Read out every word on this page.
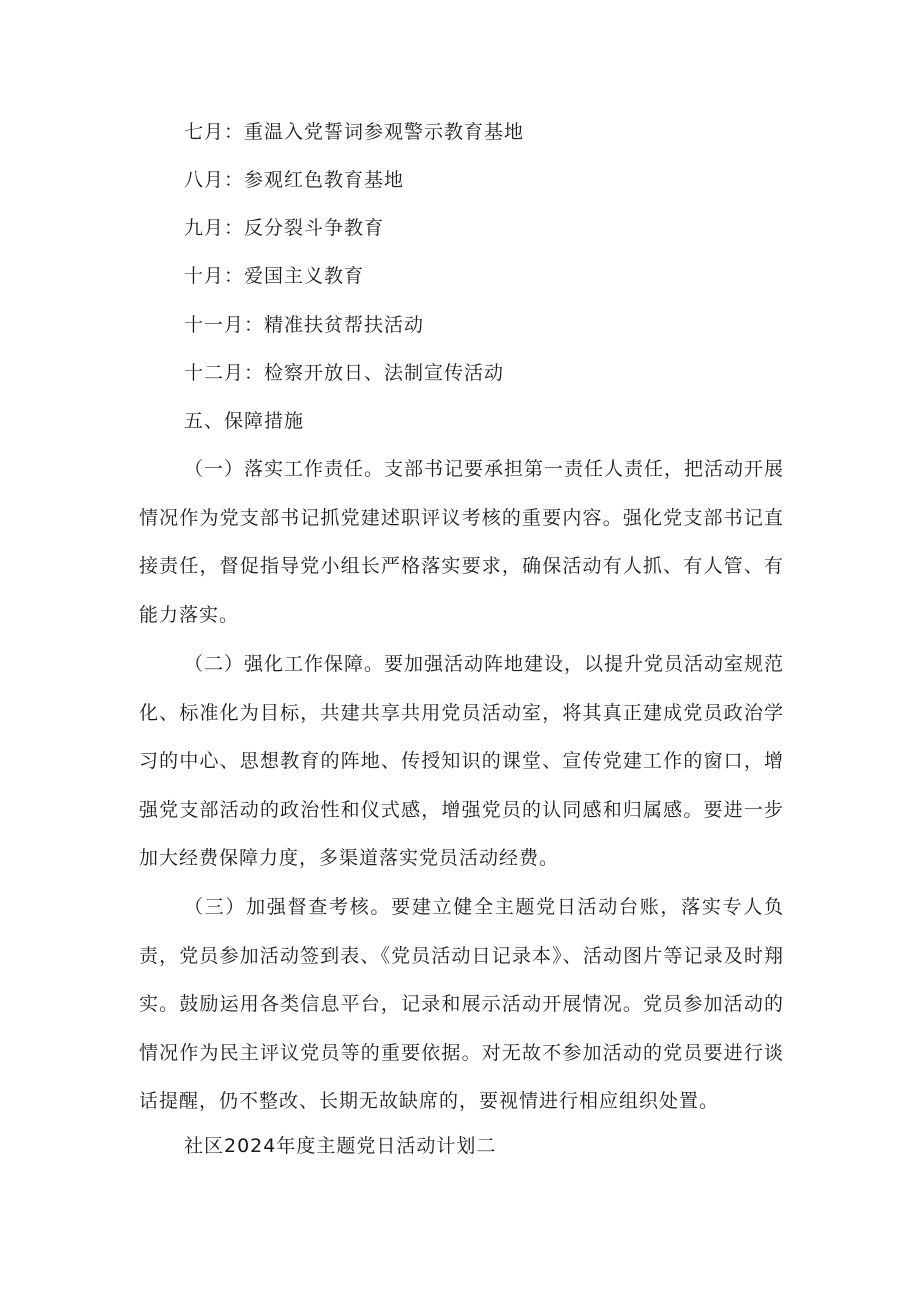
七月：重温入党誓词参观警示教育基地
八月：参观红色教育基地
九月：反分裂斗争教育
十月：爱国主义教育
十一月：精准扶贫帮扶活动
十二月：检察开放日、法制宣传活动
五、保障措施

（一）落实工作责任。支部书记要承担第一责任人责任，把活动开展情况作为党支部书记抓党建述职评议考核的重要内容。强化党支部书记直接责任，督促指导党小组长严格落实要求，确保活动有人抓、有人管、有能力落实。

（二）强化工作保障。要加强活动阵地建设，以提升党员活动室规范化、标准化为目标，共建共享共用党员活动室，将其真正建成党员政治学习的中心、思想教育的阵地、传授知识的课堂、宣传党建工作的窗口，增强党支部活动的政治性和仪式感，增强党员的认同感和归属感。要进一步加大经费保障力度，多渠道落实党员活动经费。

（三）加强督查考核。要建立健全主题党日活动台账，落实专人负责，党员参加活动签到表、《党员活动日记录本》、活动图片等记录及时翔实。鼓励运用各类信息平台，记录和展示活动开展情况。党员参加活动的情况作为民主评议党员等的重要依据。对无故不参加活动的党员要进行谈话提醒，仍不整改、长期无故缺席的，要视情进行相应组织处置。

社区2024年度主题党日活动计划二
